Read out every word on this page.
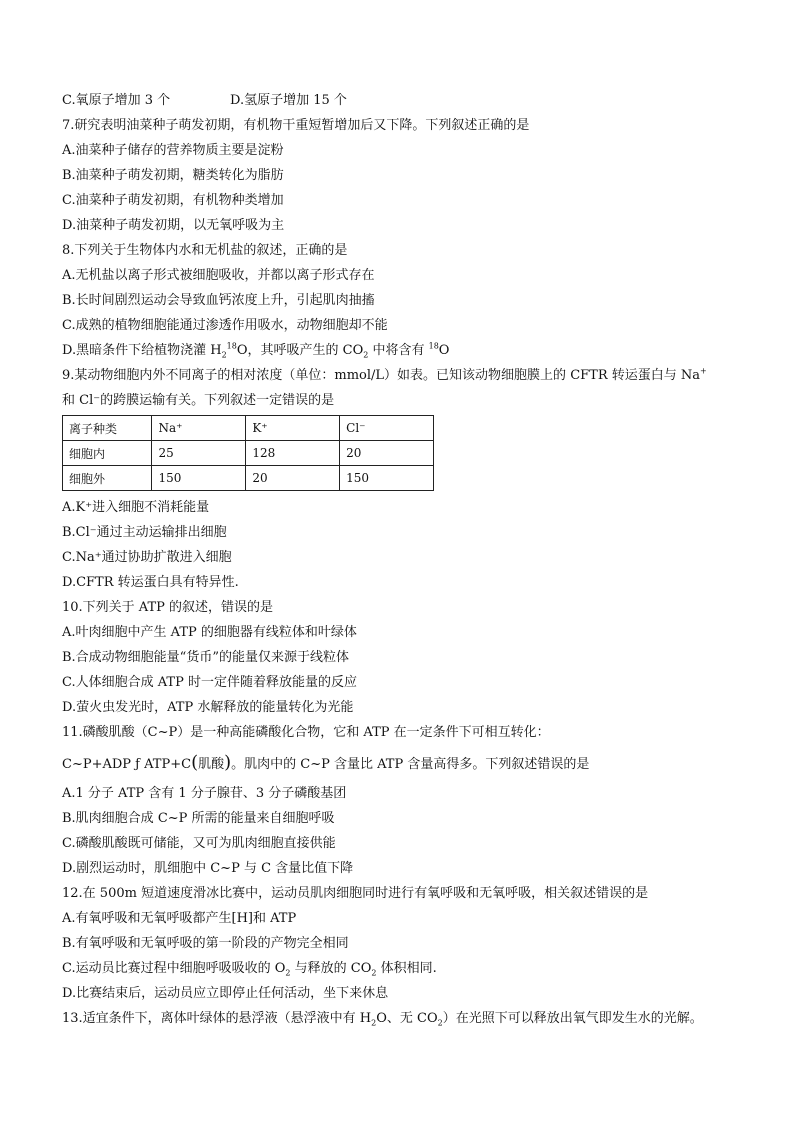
C.氧原子增加 3 个	D.氢原子增加 15 个
7.研究表明油菜种子萌发初期，有机物干重短暂增加后又下降。下列叙述正确的是
A.油菜种子储存的营养物质主要是淀粉
B.油菜种子萌发初期，糖类转化为脂肪
C.油菜种子萌发初期，有机物种类增加
D.油菜种子萌发初期，以无氧呼吸为主
8.下列关于生物体内水和无机盐的叙述，正确的是
A.无机盐以离子形式被细胞吸收，并都以离子形式存在
B.长时间剧烈运动会导致血钙浓度上升，引起肌肉抽搐
C.成熟的植物细胞能通过渗透作用吸水，动物细胞却不能
D.黑暗条件下给植物浇灌 $H_2^{18}O$，其呼吸产生的 $CO_2$ 中将含有 $^{18}$O
9.某动物细胞内外不同离子的相对浓度（单位：mmol/L）如表。已知该动物细胞膜上的 CFTR 转运蛋白与 Na+
和 Cl⁻的跨膜运输有关。下列叙述一定错误的是
离子种类	Na⁺	K⁺	Cl⁻
细胞内	25	128	20
细胞外	150	20	150
A.K⁺进入细胞不消耗能量
B.Cl⁻通过主动运输排出细胞
C.Na⁺通过协助扩散进入细胞
D.CFTR 转运蛋白具有特异性.
10.下列关于 ATP 的叙述，错误的是
A.叶肉细胞中产生 ATP 的细胞器有线粒体和叶绿体
B.合成动物细胞能量“货币”的能量仅来源于线粒体
C.人体细胞合成 ATP 时一定伴随着释放能量的反应
D.萤火虫发光时，ATP 水解释放的能量转化为光能
11.磷酸肌酸（C~P）是一种高能磷酸化合物，它和 ATP 在一定条件下可相互转化：
C~P+ADP ƒ ATP+C(肌酸)。肌肉中的 C~P 含量比 ATP 含量高得多。下列叙述错误的是
A.1 分子 ATP 含有 1 分子腺苷、3 分子磷酸基团
B.肌肉细胞合成 C~P 所需的能量来自细胞呼吸
C.磷酸肌酸既可储能，又可为肌肉细胞直接供能
D.剧烈运动时，肌细胞中 C~P 与 C 含量比值下降
12.在 500m 短道速度滑冰比赛中，运动员肌肉细胞同时进行有氧呼吸和无氧呼吸，相关叙述错误的是
A.有氧呼吸和无氧呼吸都产生[H]和 ATP
B.有氧呼吸和无氧呼吸的第一阶段的产物完全相同
C.运动员比赛过程中细胞呼吸吸收的 $O_2$ 与释放的 $CO_2$ 体积相同.
D.比赛结束后，运动员应立即停止任何活动，坐下来休息
13.适宜条件下，离体叶绿体的悬浮液（悬浮液中有 $H_2O$、无 $CO_2$）在光照下可以释放出氧气即发生水的光解。
